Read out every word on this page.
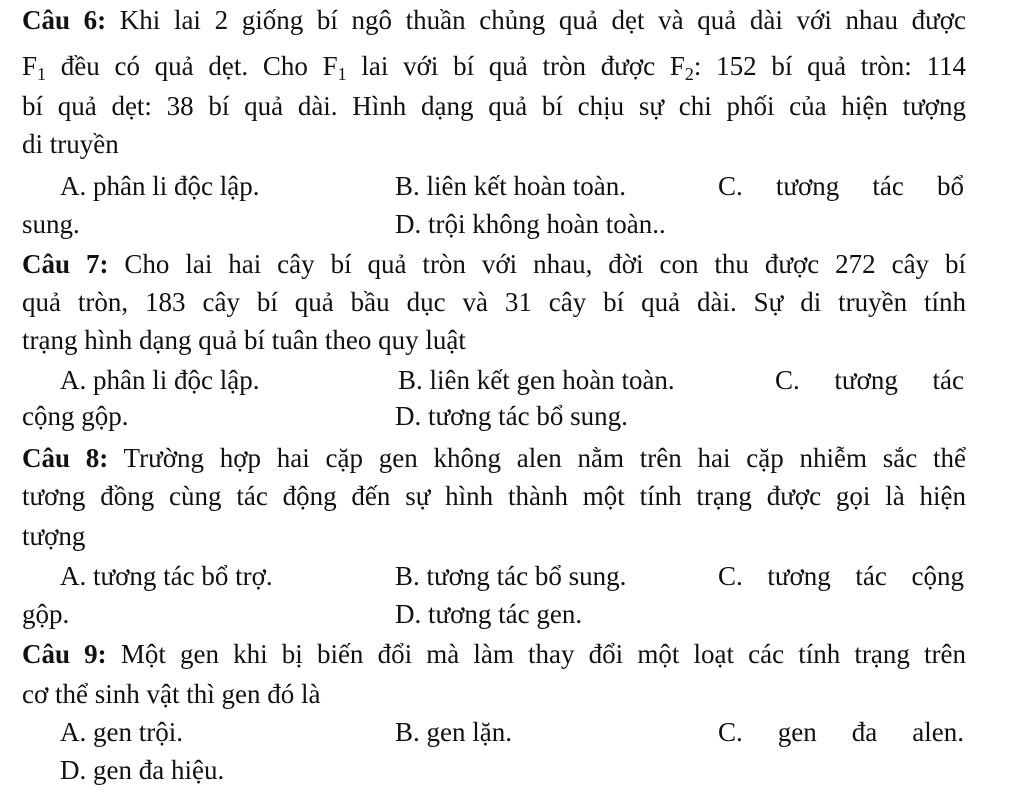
Câu 6: Khi lai 2 giống bí ngô thuần chủng quả dẹt và quả dài với nhau được
$F_1$ đều có quả dẹt. Cho $F_1$ lai với bí quả tròn được $F_2$: 152 bí quả tròn: 114
bí quả dẹt: 38 bí quả dài. Hình dạng quả bí chịu sự chi phối của hiện tượng
di truyền
A. phân li độc lập.	B. liên kết hoàn toàn.	C. tương tác bổ
sung.	D. trội không hoàn toàn..
Câu 7: Cho lai hai cây bí quả tròn với nhau, đời con thu được 272 cây bí
quả tròn, 183 cây bí quả bầu dục và 31 cây bí quả dài. Sự di truyền tính
trạng hình dạng quả bí tuân theo quy luật
A. phân li độc lập.	B. liên kết gen hoàn toàn.	C. tương tác
cộng gộp.	D. tương tác bổ sung.
Câu 8: Trường hợp hai cặp gen không alen nằm trên hai cặp nhiễm sắc thể
tương đồng cùng tác động đến sự hình thành một tính trạng được gọi là hiện
tượng
A. tương tác bổ trợ.	B. tương tác bổ sung.	C. tương tác cộng
gộp.	D. tương tác gen.
Câu 9: Một gen khi bị biến đổi mà làm thay đổi một loạt các tính trạng trên
cơ thể sinh vật thì gen đó là
A. gen trội.	B. gen lặn.	C. gen đa alen.
D. gen đa hiệu.
